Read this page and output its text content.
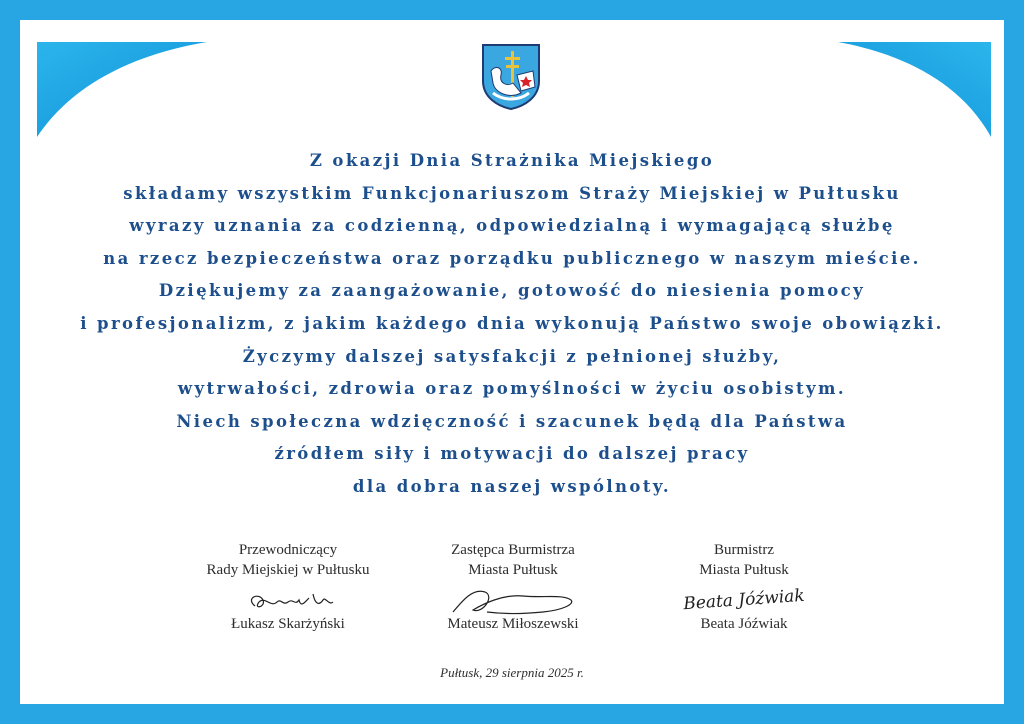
Z okazji Dnia Strażnika Miejskiego
składamy wszystkim Funkcjonariuszom Straży Miejskiej w Pułtusku
wyrazy uznania za codzienną, odpowiedzialną i wymagającą służbę
na rzecz bezpieczeństwa oraz porządku publicznego w naszym mieście.
Dziękujemy za zaangażowanie, gotowość do niesienia pomocy
i profesjonalizm, z jakim każdego dnia wykonują Państwo swoje obowiązki.
Życzymy dalszej satysfakcji z pełnionej służby,
wytrwałości, zdrowia oraz pomyślności w życiu osobistym.
Niech społeczna wdzięczność i szacunek będą dla Państwa
źródłem siły i motywacji do dalszej pracy
dla dobra naszej wspólnoty.
Przewodniczący
Rady Miejskiej w Pułtusku
Łukasz Skarżyński
Zastępca Burmistrza
Miasta Pułtusk
Mateusz Miłoszewski
Burmistrz
Miasta Pułtusk
Beata Jóźwiak
Beata Jóźwiak
Pułtusk, 29 sierpnia 2025 r.
